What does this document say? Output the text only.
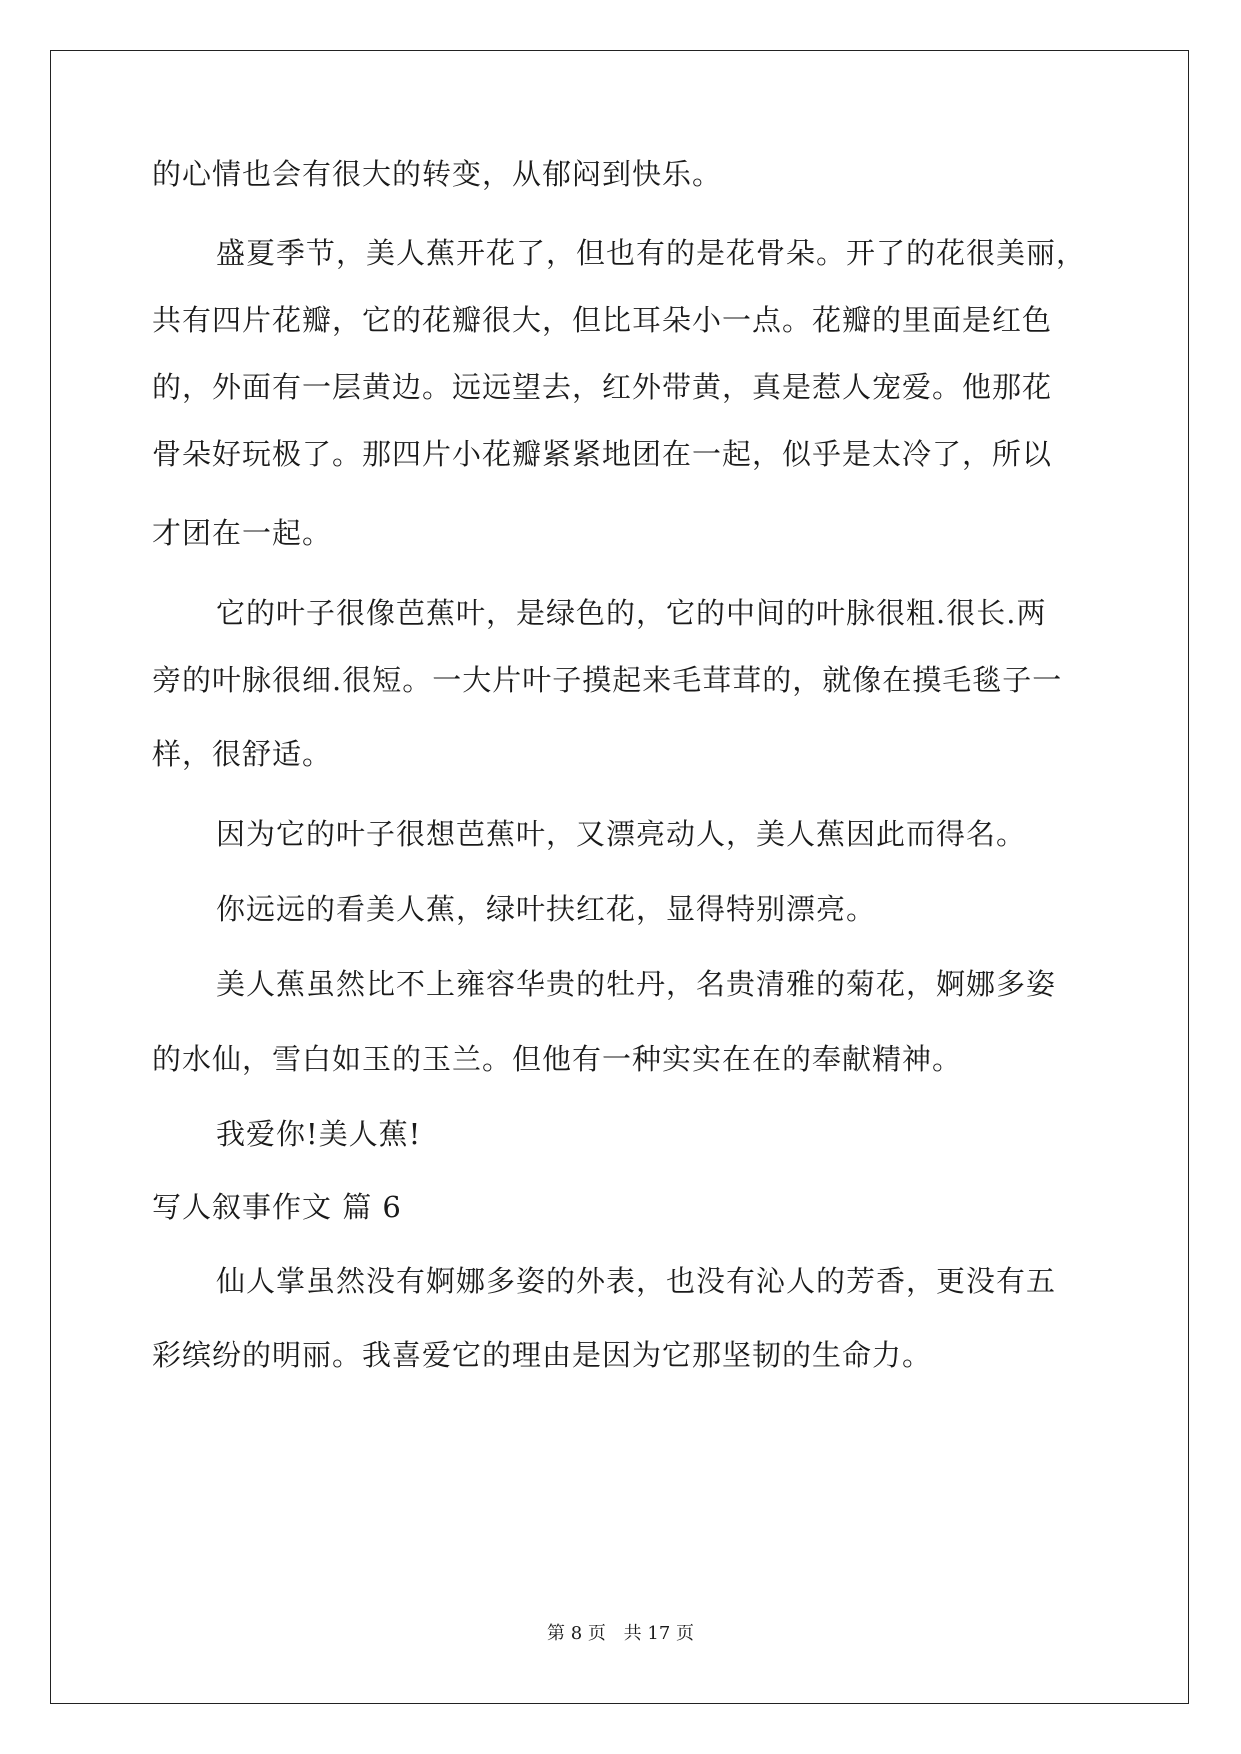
的心情也会有很大的转变，从郁闷到快乐。
盛夏季节，美人蕉开花了，但也有的是花骨朵。开了的花很美丽，
共有四片花瓣，它的花瓣很大，但比耳朵小一点。花瓣的里面是红色
的，外面有一层黄边。远远望去，红外带黄，真是惹人宠爱。他那花
骨朵好玩极了。那四片小花瓣紧紧地团在一起，似乎是太冷了，所以
才团在一起。
它的叶子很像芭蕉叶，是绿色的，它的中间的叶脉很粗.很长.两
旁的叶脉很细.很短。一大片叶子摸起来毛茸茸的，就像在摸毛毯子一
样，很舒适。
因为它的叶子很想芭蕉叶，又漂亮动人，美人蕉因此而得名。
你远远的看美人蕉，绿叶扶红花，显得特别漂亮。
美人蕉虽然比不上雍容华贵的牡丹，名贵清雅的菊花，婀娜多姿
的水仙，雪白如玉的玉兰。但他有一种实实在在的奉献精神。
我爱你!美人蕉!
写人叙事作文 篇 6
仙人掌虽然没有婀娜多姿的外表，也没有沁人的芳香，更没有五
彩缤纷的明丽。我喜爱它的理由是因为它那坚韧的生命力。
第 8 页 共 17 页
